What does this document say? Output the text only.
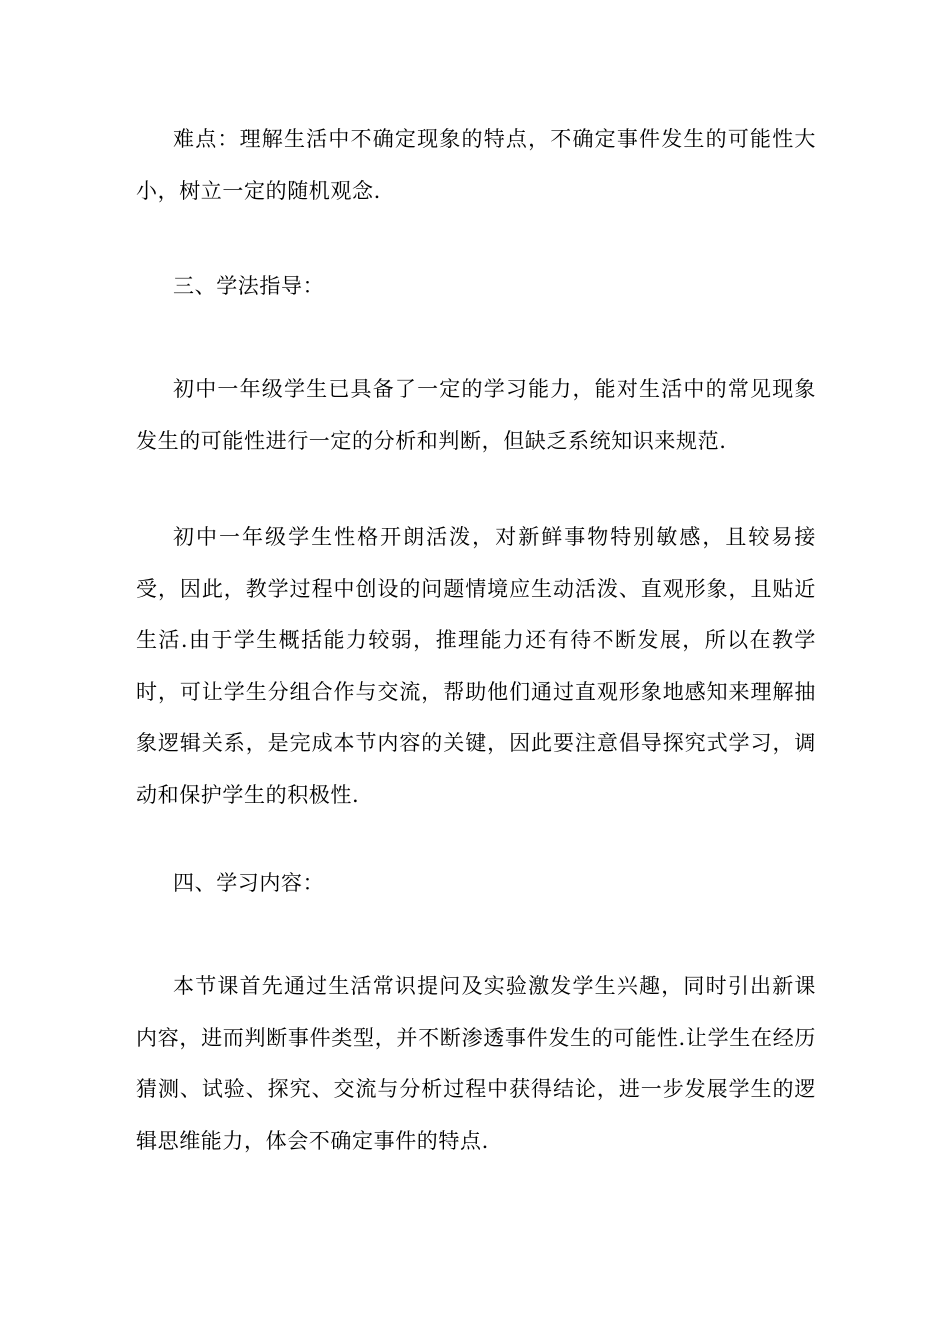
难点：理解生活中不确定现象的特点，不确定事件发生的可能性大小，树立一定的随机观念.

三、学法指导：

初中一年级学生已具备了一定的学习能力，能对生活中的常见现象发生的可能性进行一定的分析和判断，但缺乏系统知识来规范.

初中一年级学生性格开朗活泼，对新鲜事物特别敏感，且较易接受，因此，教学过程中创设的问题情境应生动活泼、直观形象，且贴近生活.由于学生概括能力较弱，推理能力还有待不断发展，所以在教学时，可让学生分组合作与交流，帮助他们通过直观形象地感知来理解抽象逻辑关系，是完成本节内容的关键，因此要注意倡导探究式学习，调动和保护学生的积极性.

四、学习内容：

本节课首先通过生活常识提问及实验激发学生兴趣，同时引出新课内容，进而判断事件类型，并不断渗透事件发生的可能性.让学生在经历猜测、试验、探究、交流与分析过程中获得结论，进一步发展学生的逻辑思维能力，体会不确定事件的特点.
